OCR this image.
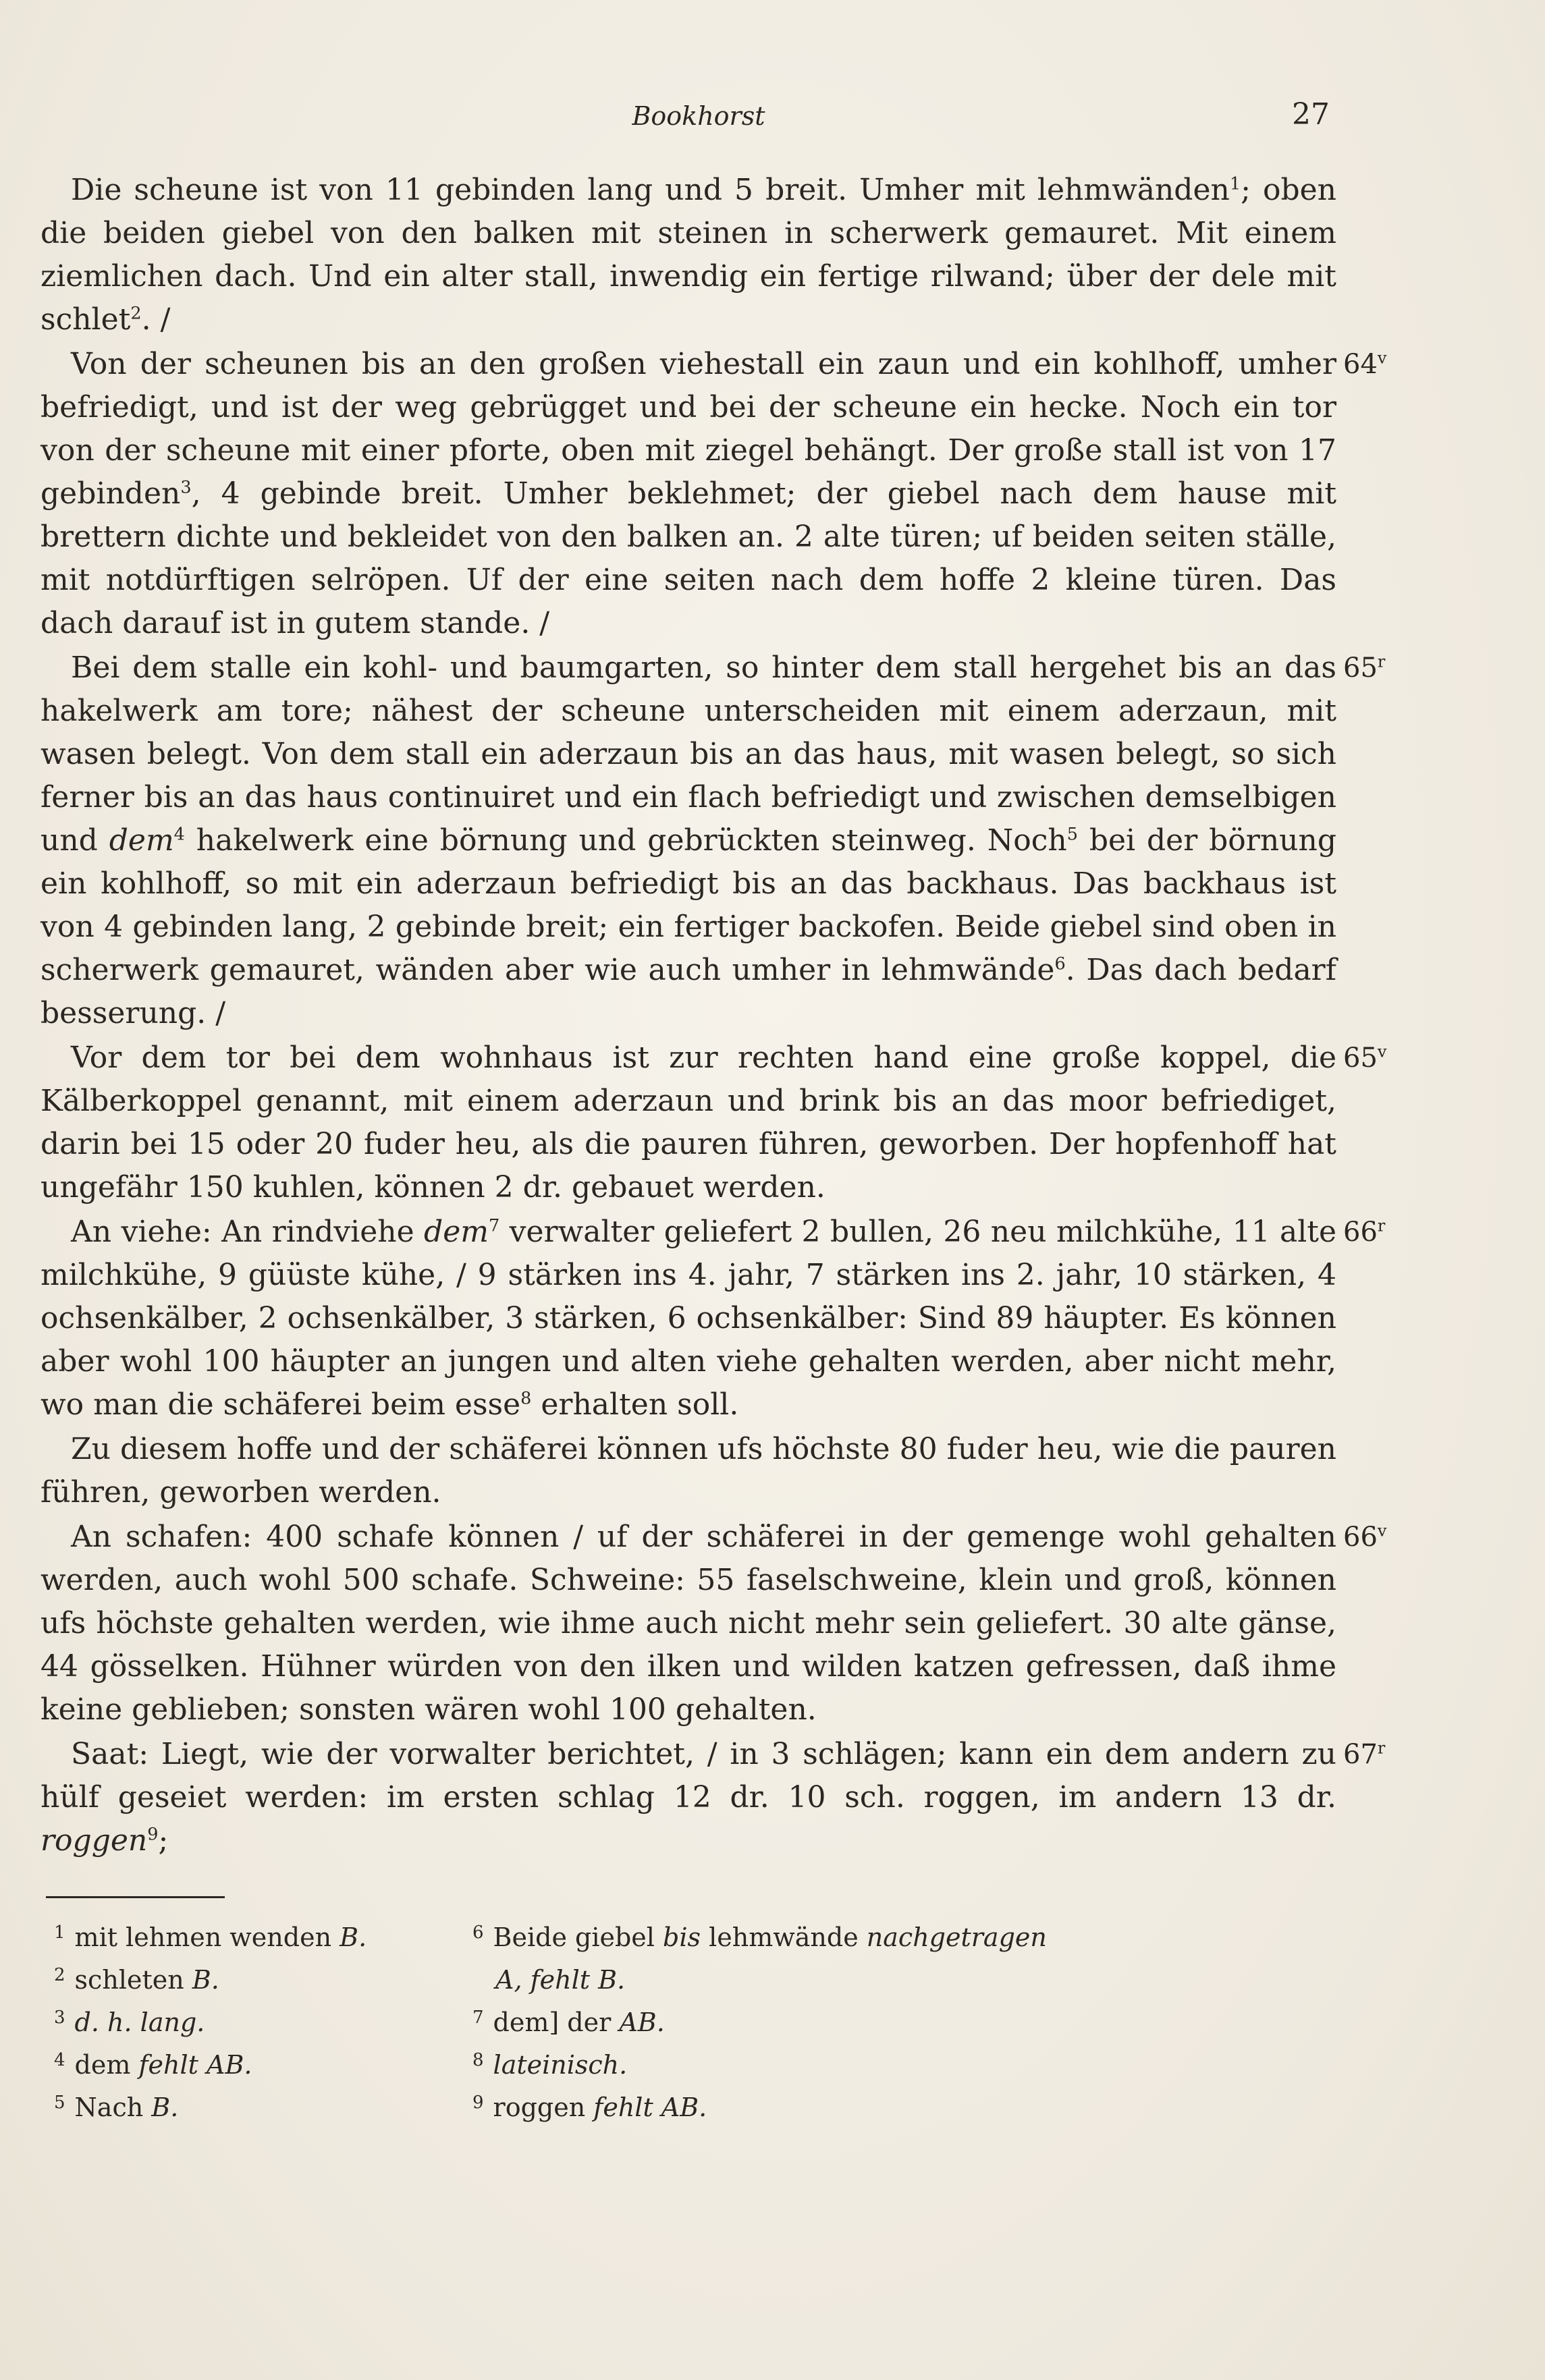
Bookhorst	27

Die scheune ist von 11 gebinden lang und 5 breit. Umher mit lehmwänden$^1$; oben die beiden giebel von den balken mit steinen in scherwerk gemauret. Mit einem ziemlichen dach. Und ein alter stall, inwendig ein fertige rilwand; über der dele mit schlet$^2$. /

64$^v$
Von der scheunen bis an den großen viehestall ein zaun und ein kohlhoff, umher befriedigt, und ist der weg gebrügget und bei der scheune ein hecke. Noch ein tor von der scheune mit einer pforte, oben mit ziegel behängt. Der große stall ist von 17 gebinden$^3$, 4 gebinde breit. Umher beklehmet; der giebel nach dem hause mit brettern dichte und bekleidet von den balken an. 2 alte türen; uf beiden seiten ställe, mit notdürftigen selröpen. Uf der eine seiten nach dem hoffe 2 kleine türen. Das dach darauf ist in gutem stande. /

65$^r$
Bei dem stalle ein kohl- und baumgarten, so hinter dem stall hergehet bis an das hakelwerk am tore; nähest der scheune unterscheiden mit einem aderzaun, mit wasen belegt. Von dem stall ein aderzaun bis an das haus, mit wasen belegt, so sich ferner bis an das haus continuiret und ein flach befriedigt und zwischen demselbigen und dem$^4$ hakelwerk eine börnung und gebrückten steinweg. Noch$^5$ bei der börnung ein kohlhoff, so mit ein aderzaun befriedigt bis an das backhaus. Das backhaus ist von 4 gebinden lang, 2 gebinde breit; ein fertiger backofen. Beide giebel sind oben in scherwerk gemauret, wänden aber wie auch umher in lehmwände$^6$. Das dach bedarf besserung. /

65$^v$
Vor dem tor bei dem wohnhaus ist zur rechten hand eine große koppel, die Kälberkoppel genannt, mit einem aderzaun und brink bis an das moor befriediget, darin bei 15 oder 20 fuder heu, als die pauren führen, geworben. Der hopfenhoff hat ungefähr 150 kuhlen, können 2 dr. gebauet werden.

66$^r$
An viehe: An rindviehe dem$^7$ verwalter geliefert 2 bullen, 26 neu milchkühe, 11 alte milchkühe, 9 güüste kühe, / 9 stärken ins 4. jahr, 7 stärken ins 2. jahr, 10 stärken, 4 ochsenkälber, 2 ochsenkälber, 3 stärken, 6 ochsenkälber: Sind 89 häupter. Es können aber wohl 100 häupter an jungen und alten viehe gehalten werden, aber nicht mehr, wo man die schäferei beim esse$^8$ erhalten soll.

Zu diesem hoffe und der schäferei können ufs höchste 80 fuder heu, wie die pauren führen, geworben werden.

66$^v$
An schafen: 400 schafe können / uf der schäferei in der gemenge wohl gehalten werden, auch wohl 500 schafe. Schweine: 55 faselschweine, klein und groß, können ufs höchste gehalten werden, wie ihme auch nicht mehr sein geliefert. 30 alte gänse, 44 gösselken. Hühner würden von den ilken und wilden katzen gefressen, daß ihme keine geblieben; sonsten wären wohl 100 gehalten.

67$^r$
Saat: Liegt, wie der vorwalter berichtet, / in 3 schlägen; kann ein dem andern zu hülf geseiet werden: im ersten schlag 12 dr. 10 sch. roggen, im andern 13 dr. roggen$^9$;

$^1$ mit lehmen wenden B.
$^2$ schleten B.
$^3$ d. h. lang.
$^4$ dem fehlt AB.
$^5$ Nach B.
$^6$ Beide giebel bis lehmwände nachgetragen
A, fehlt B.
$^7$ dem] der AB.
$^8$ lateinisch.
$^9$ roggen fehlt AB.
